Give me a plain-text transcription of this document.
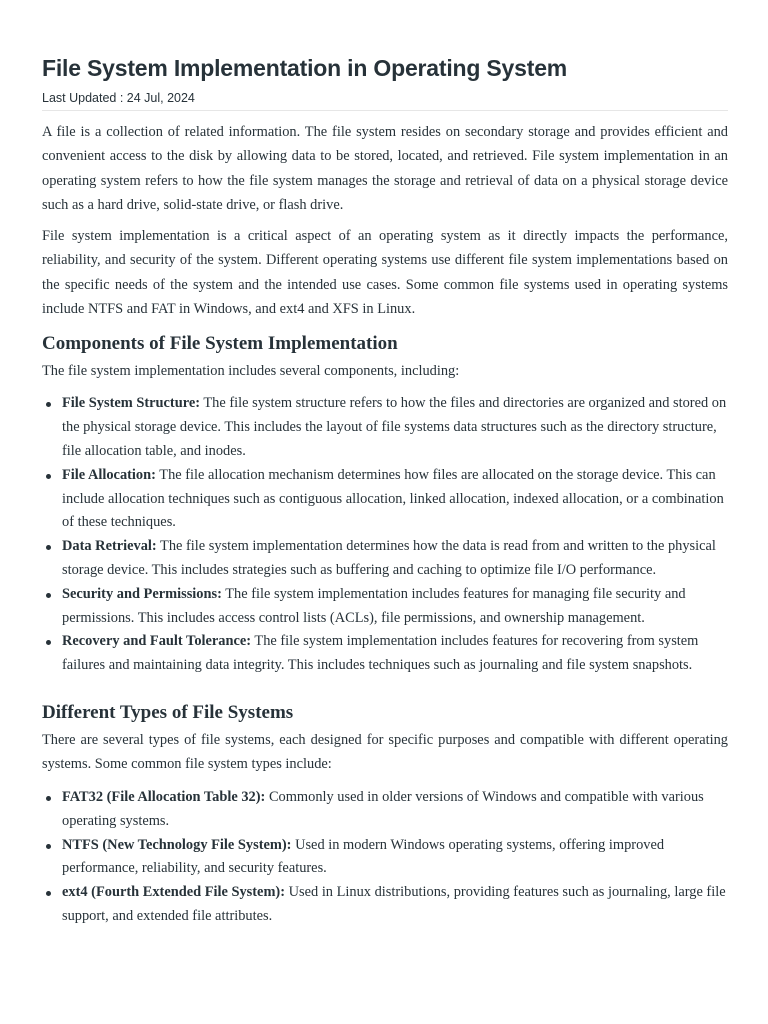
File System Implementation in Operating System
Last Updated : 24 Jul, 2024

A file is a collection of related information. The file system resides on secondary storage and provides efficient and convenient access to the disk by allowing data to be stored, located, and retrieved. File system implementation in an operating system refers to how the file system manages the storage and retrieval of data on a physical storage device such as a hard drive, solid-state drive, or flash drive.

File system implementation is a critical aspect of an operating system as it directly impacts the performance, reliability, and security of the system. Different operating systems use different file system implementations based on the specific needs of the system and the intended use cases. Some common file systems used in operating systems include NTFS and FAT in Windows, and ext4 and XFS in Linux.

Components of File System Implementation

The file system implementation includes several components, including:

File System Structure: The file system structure refers to how the files and directories are organized and stored on the physical storage device. This includes the layout of file systems data structures such as the directory structure, file allocation table, and inodes.
File Allocation: The file allocation mechanism determines how files are allocated on the storage device. This can include allocation techniques such as contiguous allocation, linked allocation, indexed allocation, or a combination of these techniques.
Data Retrieval: The file system implementation determines how the data is read from and written to the physical storage device. This includes strategies such as buffering and caching to optimize file I/O performance.
Security and Permissions: The file system implementation includes features for managing file security and permissions. This includes access control lists (ACLs), file permissions, and ownership management.
Recovery and Fault Tolerance: The file system implementation includes features for recovering from system failures and maintaining data integrity. This includes techniques such as journaling and file system snapshots.
Different Types of File Systems

There are several types of file systems, each designed for specific purposes and compatible with different operating systems. Some common file system types include:

FAT32 (File Allocation Table 32): Commonly used in older versions of Windows and compatible with various operating systems.
NTFS (New Technology File System): Used in modern Windows operating systems, offering improved performance, reliability, and security features.
ext4 (Fourth Extended File System): Used in Linux distributions, providing features such as journaling, large file support, and extended file attributes.
